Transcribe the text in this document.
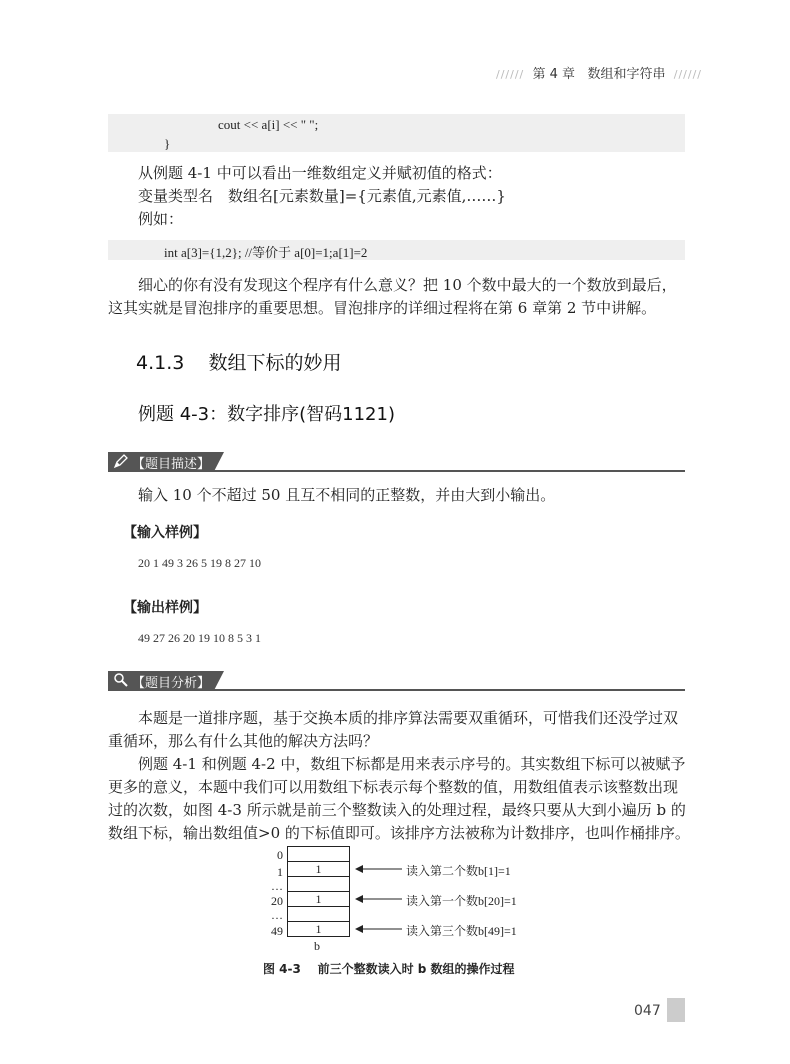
////// 第 4 章 数组和字符串 //////
cout << a[i] << " ";
}
从例题 4-1 中可以看出一维数组定义并赋初值的格式：
变量类型名　数组名[元素数量]={元素值,元素值,……}
例如：
int a[3]={1,2}; //等价于 a[0]=1;a[1]=2
细心的你有没有发现这个程序有什么意义？把 10 个数中最大的一个数放到最后，
这其实就是冒泡排序的重要思想。冒泡排序的详细过程将在第 6 章第 2 节中讲解。
4.1.3 数组下标的妙用
例题 4-3：数字排序(智码1121)
【题目描述】
输入 10 个不超过 50 且互不相同的正整数，并由大到小输出。
【输入样例】
20 1 49 3 26 5 19 8 27 10
【输出样例】
49 27 26 20 19 10 8 5 3 1
【题目分析】
本题是一道排序题，基于交换本质的排序算法需要双重循环，可惜我们还没学过双
重循环，那么有什么其他的解决方法吗？
例题 4-1 和例题 4-2 中，数组下标都是用来表示序号的。其实数组下标可以被赋予
更多的意义，本题中我们可以用数组下标表示每个整数的值，用数组值表示该整数出现
过的次数，如图 4-3 所示就是前三个整数读入的处理过程，最终只要从大到小遍历 b 的
数组下标，输出数组值>0 的下标值即可。该排序方法被称为计数排序，也叫作桶排序。
0
1
…
20
…
49
1
1
1
读入第二个数b[1]=1
读入第一个数b[20]=1
读入第三个数b[49]=1
b
图 4-3 前三个整数读入时 b 数组的操作过程
047
